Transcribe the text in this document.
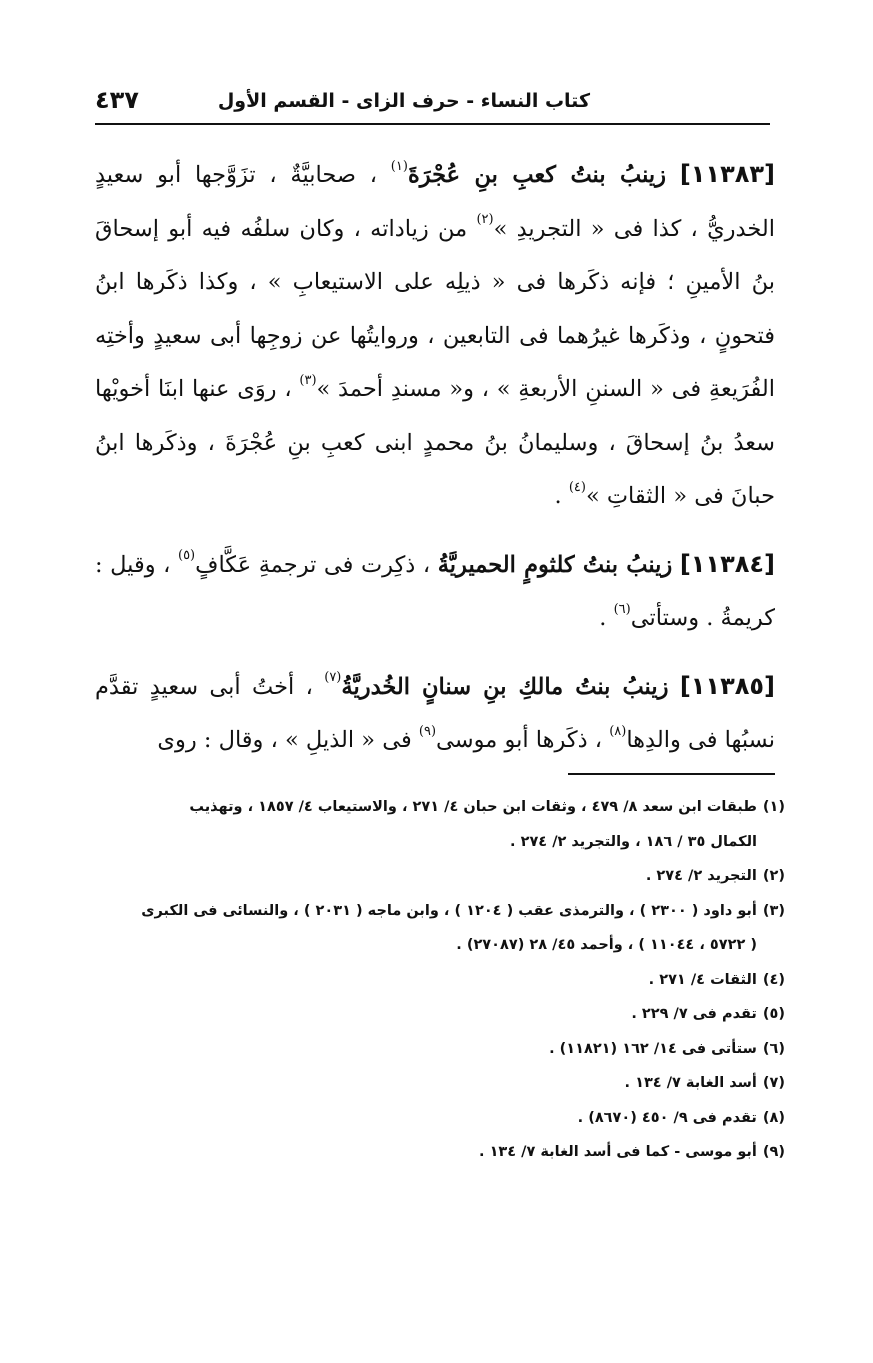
كتاب النساء - حرف الزاى - القسم الأول
٤٣٧

[١١٣٨٣] زينبُ بنتُ كعبِ بنِ عُجْرَةَ$^{(١)}$ ، صحابيَّةٌ ، تزَوَّجها أبو سعيدٍ الخدريُّ ، كذا فى « التجريدِ »$^{(٢)}$ من زياداته ، وكان سلفُه فيه أبو إسحاقَ بنُ الأمينِ ؛ فإنه ذكَرها فى « ذيلِه على الاستيعابِ » ، وكذا ذكَرها ابنُ فتحونٍ ، وذكَرها غيرُهما فى التابعين ، وروايتُها عن زوجِها أبى سعيدٍ وأختِه الفُرَيعةِ فى « السننِ الأربعةِ » ، و« مسندِ أحمدَ »$^{(٣)}$ ، روَى عنها ابنَا أخويْها سعدُ بنُ إسحاقَ ، وسليمانُ بنُ محمدٍ ابنى كعبِ بنِ عُجْرَةَ ، وذكَرها ابنُ حبانَ فى « الثقاتِ »$^{(٤)}$ .

[١١٣٨٤] زينبُ بنتُ كلثومٍ الحميريَّةُ ، ذكِرت فى ترجمةِ عَكَّافٍ$^{(٥)}$ ، وقيل : كريمةُ . وستأتى$^{(٦)}$ .

[١١٣٨٥] زينبُ بنتُ مالكِ بنِ سنانٍ الخُدريَّةُ$^{(٧)}$ ، أختُ أبى سعيدٍ تقدَّم نسبُها فى والدِها$^{(٨)}$ ، ذكَرها أبو موسى$^{(٩)}$ فى « الذيلِ » ، وقال : روى

(١)طبقات ابن سعد ٨/ ٤٧٩ ، وثقات ابن حبان ٤/ ٢٧١ ، والاستيعاب ٤/ ١٨٥٧ ، وتهذيب
الكمال ٣٥ / ١٨٦ ، والتجريد ٢/ ٢٧٤ .
(٢)التجريد ٢/ ٢٧٤ .
(٣)أبو داود ( ٢٣٠٠ ) ، والترمذى عقب ( ١٢٠٤ ) ، وابن ماجه ( ٢٠٣١ ) ، والنسائى فى الكبرى
( ٥٧٢٢ ، ١١٠٤٤ ) ، وأحمد ٤٥/ ٢٨ (٢٧٠٨٧) .
(٤)الثقات ٤/ ٢٧١ .
(٥)تقدم فى ٧/ ٢٢٩ .
(٦)ستأتى فى ١٤/ ١٦٢ (١١٨٢١) .
(٧)أسد الغابة ٧/ ١٣٤ .
(٨)تقدم فى ٩/ ٤٥٠ (٨٦٧٠) .
(٩)أبو موسى - كما فى أسد الغابة ٧/ ١٣٤ .
